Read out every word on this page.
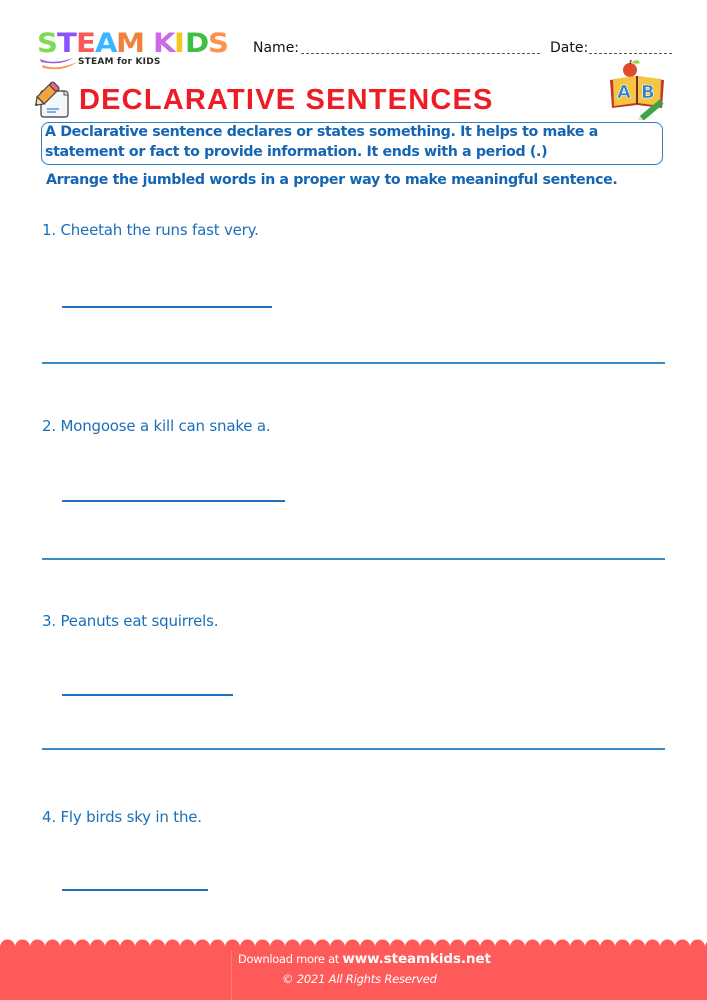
S T E A M K I D S
STEAM for KIDS
Name:	Date:
DECLARATIVE SENTENCES	A B
A Declarative sentence declares or states something. It helps to make a statement or fact to provide information. It ends with a period (.)
Arrange the jumbled words in a proper way to make meaningful sentence.
1. Cheetah the runs fast very.
2. Mongoose a kill can snake a.
3. Peanuts eat squirrels.
4. Fly birds sky in the.
Download more at www.steamkids.net
© 2021 All Rights Reserved
